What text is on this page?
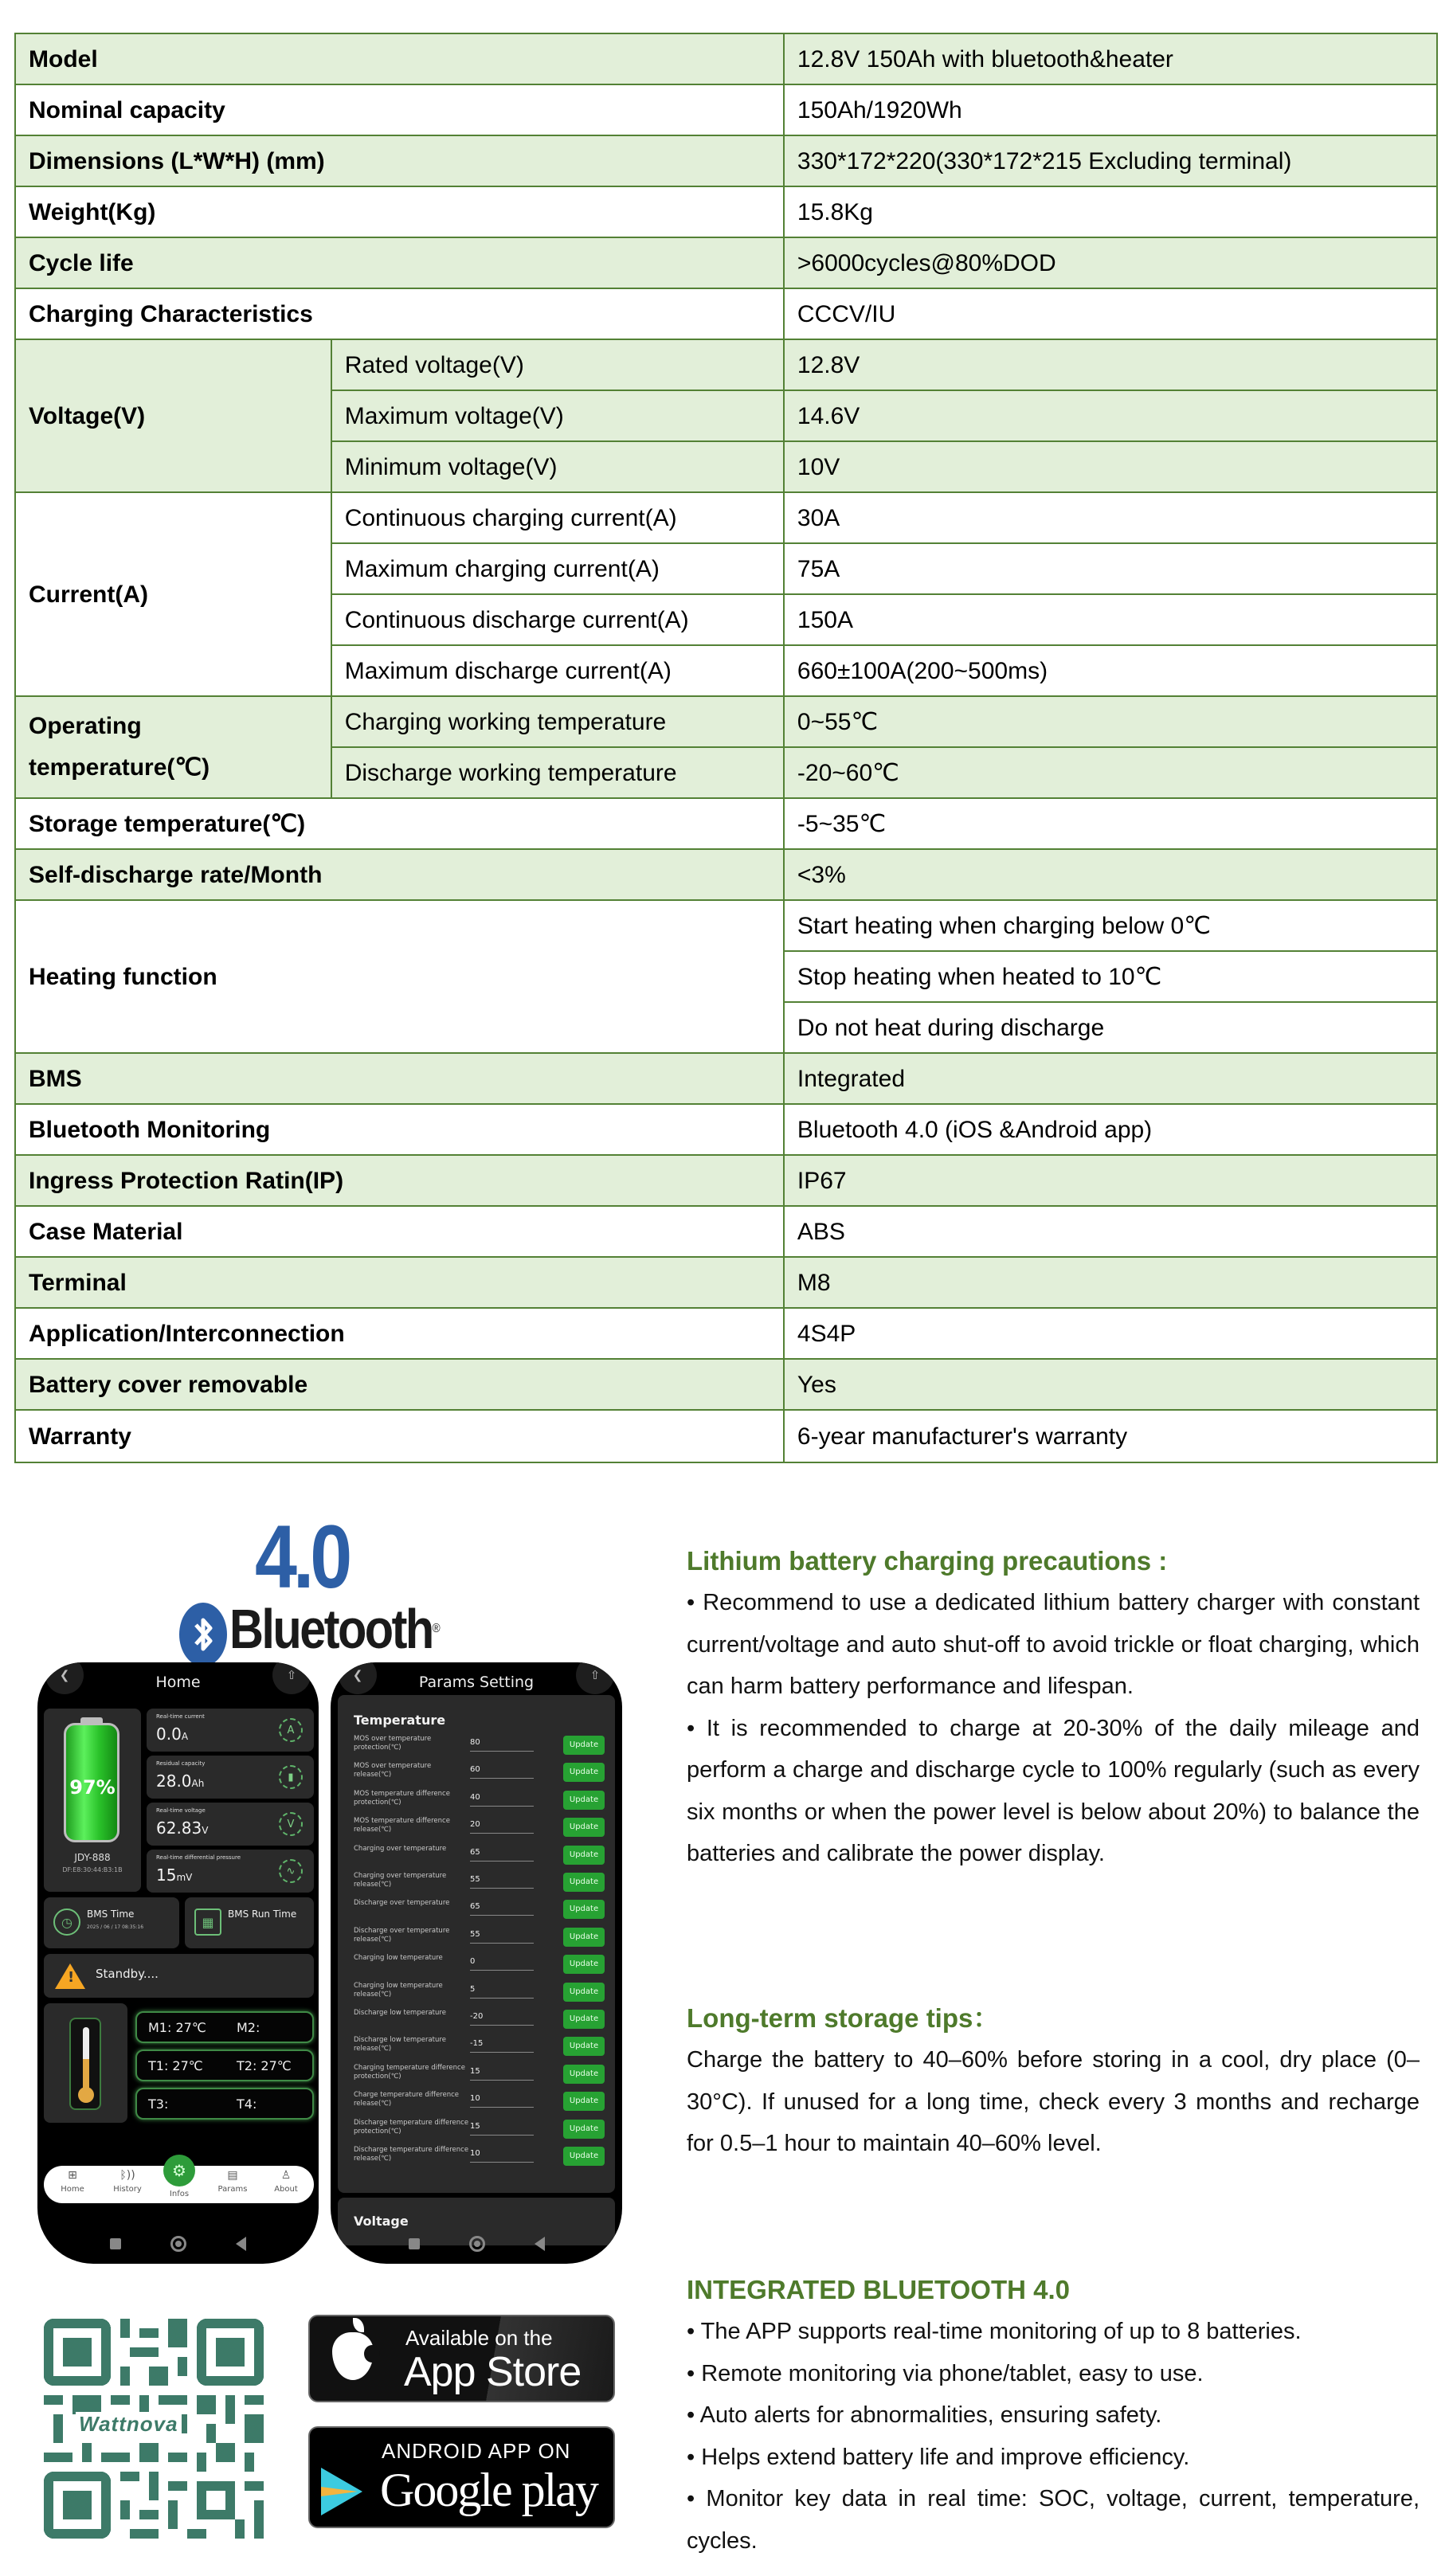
Model		12.8V 150Ah with bluetooth&heater
Nominal capacity		150Ah/1920Wh
Dimensions (L*W*H) (mm)		330*172*220(330*172*215 Excluding terminal)
Weight(Kg)		15.8Kg
Cycle life		>6000cycles@80%DOD
Charging Characteristics		CCCV/IU
Voltage(V)	Rated voltage(V)	12.8V
	Maximum voltage(V)	14.6V
	Minimum voltage(V)	10V
Current(A)	Continuous charging current(A)	30A
	Maximum charging current(A)	75A
	Continuous discharge current(A)	150A
	Maximum discharge current(A)	660±100A(200~500ms)
Operating
temperature(℃)	Charging working temperature	0~55℃
	Discharge working temperature	-20~60℃
Storage temperature(℃)		-5~35℃
Self-discharge rate/Month		<3%
Heating function		Start heating when charging below 0℃
		Stop heating when heated to 10℃
		Do not heat during discharge
BMS		Integrated
Bluetooth Monitoring		Bluetooth 4.0 (iOS &Android app)
Ingress Protection Ratin(IP)		IP67
Case Material		ABS
Terminal		M8
Application/Interconnection		4S4P
Battery cover removable		Yes
Warranty		6-year manufacturer's warranty
4.0
Bluetooth®
❮	Home	⇧
97%
JDY-888
DF:E8:30:44:B3:1B
Real-time current
0.0A
A
Residual capacity
28.0Ah
▮
Real-time voltage
62.83V
V
Real-time differential pressure
15mV
∿
◷
BMS Time
2025 / 06 / 17 08:35:16	▦
BMS Run Time
! Standby....
M1: 27℃ M2:
T1: 27℃	T2: 27℃
T3:	T4:
⊞
Home
ᛒ))
History
⚙
Infos
▤
Params
♙
About
❮	Params Setting	⇧
Temperature
MOS over temperature protection(℃)
80	Update
MOS over temperature release(℃)
60	Update
MOS temperature difference protection(℃)
40	Update
MOS temperature difference release(℃)
20	Update
Charging over temperature	65	Update
Charging over temperature release(℃)
55	Update
Discharge over temperature	65	Update
Discharge over temperature release(℃)
55	Update
Charging low temperature	0	Update
Charging low temperature release(℃)
5	Update
Discharge low temperature	-20	Update
Discharge low temperature release(℃)
-15	Update
Charging temperature difference protection(℃)
15	Update
Charge temperature difference release(℃)
10	Update
Discharge temperature difference protection(℃)
15	Update
Discharge temperature difference release(℃)
10	Update
Voltage
Wattnova
Available on the
App Store
ANDROID APP ON
Google play
Lithium battery charging precautions :

• Recommend to use a dedicated lithium battery charger with constant current/voltage and auto shut-off to avoid trickle or float charging, which can harm battery performance and lifespan.

• It is recommended to charge at 20-30% of the daily mileage and perform a charge and discharge cycle to 100% regularly (such as every six months or when the power level is below about 20%) to balance the batteries and calibrate the power display.

Long-term storage tips：

Charge the battery to 40–60% before storing in a cool, dry place (0–30°C). If unused for a long time, check every 3 months and recharge for 0.5–1 hour to maintain 40–60% level.

INTEGRATED BLUETOOTH 4.0

• The APP supports real-time monitoring of up to 8 batteries.

• Remote monitoring via phone/tablet, easy to use.

• Auto alerts for abnormalities, ensuring safety.

• Helps extend battery life and improve efficiency.

• Monitor key data in real time: SOC, voltage, current, temperature, cycles.
